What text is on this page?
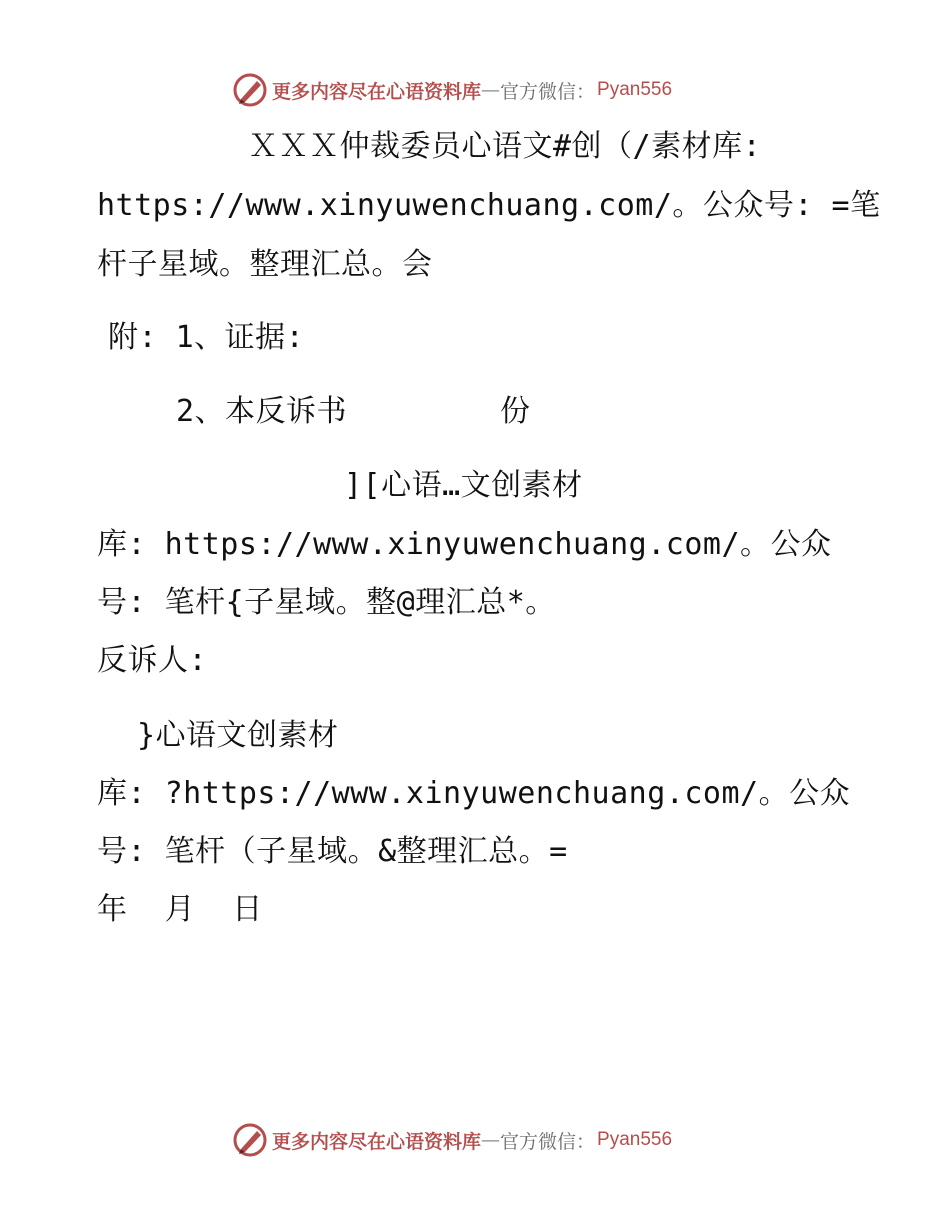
更多内容尽在心语资料库 — 官方微信： Pyan556
ＸＸＸ仲裁委员心语文#创（/素材库:
https://www.xinyuwenchuang.com/。公众号: =笔
杆子星域。整理汇总。会
附: 1、证据:
2、本反诉书	份
][心语…文创素材
库: https://www.xinyuwenchuang.com/。公众
号: 笔杆{子星域。整@理汇总*。
反诉人:
}心语文创素材
库: ?https://www.xinyuwenchuang.com/。公众
号: 笔杆（子星域。&整理汇总。=
年  月  日
更多内容尽在心语资料库 — 官方微信： Pyan556
